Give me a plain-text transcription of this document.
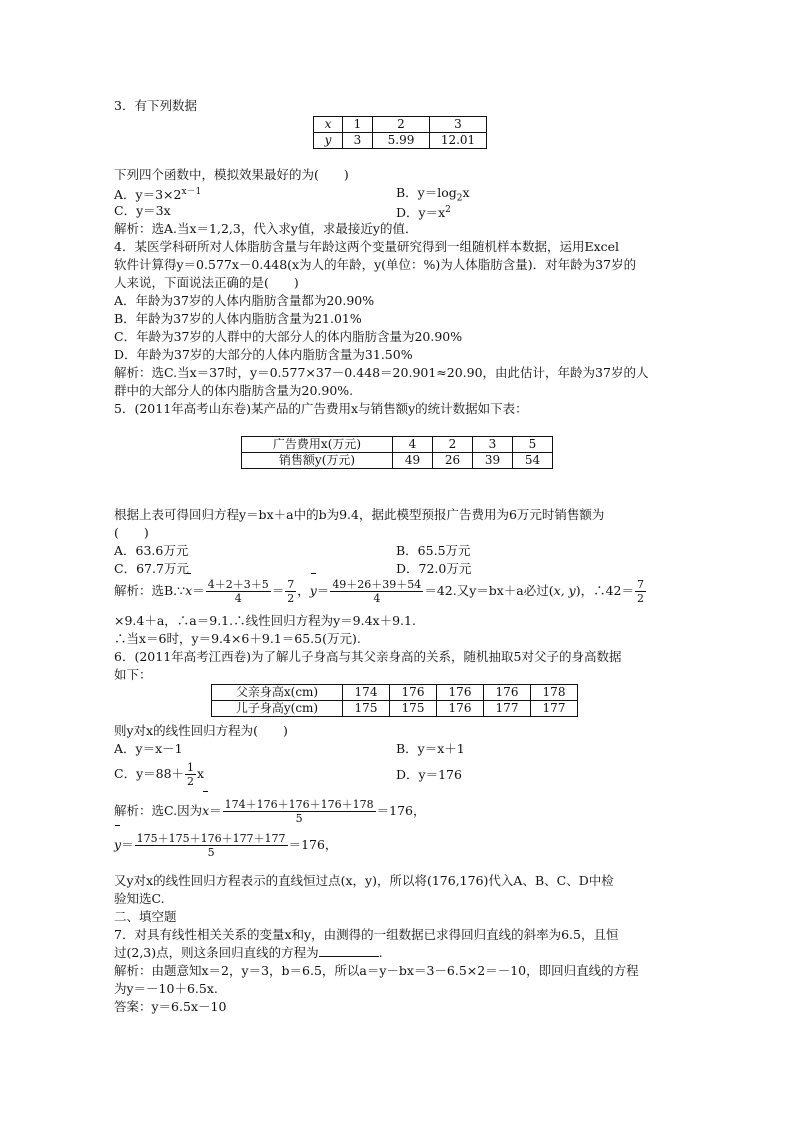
3．有下列数据
x	1	2	3
y	3	5.99	12.01
下列四个函数中，模拟效果最好的为(　　)
A．$y=3\times 2^{x-1}$	B．$y=\log_2x$
C．y＝3x	D．$y=x^2$
解析：选A.当x＝1,2,3，代入求y值，求最接近y的值．
4．某医学科研所对人体脂肪含量与年龄这两个变量研究得到一组随机样本数据，运用Excel
软件计算得y＝0.577x－0.448(x为人的年龄，y(单位：%)为人体脂肪含量)．对年龄为37岁的
人来说，下面说法正确的是(　　)
A．年龄为37岁的人体内脂肪含量都为20.90%
B．年龄为37岁的人体内脂肪含量为21.01%
C．年龄为37岁的人群中的大部分人的体内脂肪含量为20.90%
D．年龄为37岁的大部分的人体内脂肪含量为31.50%
解析：选C.当x＝37时，y＝0.577×37－0.448＝20.901≈20.90，由此估计，年龄为37岁的人
群中的大部分人的体内脂肪含量为20.90%.
5．(2011年高考山东卷)某产品的广告费用x与销售额y的统计数据如下表：
广告费用x(万元)	4	2	3	5
销售额y(万元)	49	26	39	54
根据上表可得回归方程y＝bx＋a中的b为9.4，据此模型预报广告费用为6万元时销售额为
(　　)
A．63.6万元	B．65.5万元
C．67.7万元	D．72.0万元
解析：选B.∵x＝ $\frac{4+2+3+5}{4} = \frac{7}{2}$ ，$y= \frac{49+26+39+54}{4} =42$.又y＝bx＋a必过(x, y)，∴42＝ $\frac{7}{2}$
×9.4＋a，∴a＝9.1.∴线性回归方程为y＝9.4x＋9.1.
∴当x＝6时，y＝9.4×6＋9.1＝65.5(万元).
6．(2011年高考江西卷)为了解儿子身高与其父亲身高的关系，随机抽取5对父子的身高数据
如下：
父亲身高x(cm)	174	176	176	176	178
儿子身高y(cm)	175	175	176	177	177
则y对x的线性回归方程为(　　)
A．y＝x－1	B．y＝x＋1
C．$y=88+ \frac{1}{2}$ x	D．y＝176
解析：选C.因为$x= \frac{174+176+176+176+178}{5} =176$，
$y= \frac{175+175+176+177+177}{5} =176$，
又y对x的线性回归方程表示的直线恒过点(x，y)，所以将(176,176)代入A、B、C、D中检
验知选C.
二、填空题
7．对具有线性相关关系的变量x和y，由测得的一组数据已求得回归直线的斜率为6.5，且恒
过(2,3)点，则这条回归直线的方程为	.
解析：由题意知x＝2，y＝3，b＝6.5，所以a＝y－bx＝3－6.5×2＝－10，即回归直线的方程
为y＝－10＋6.5x.
答案：y＝6.5x－10
